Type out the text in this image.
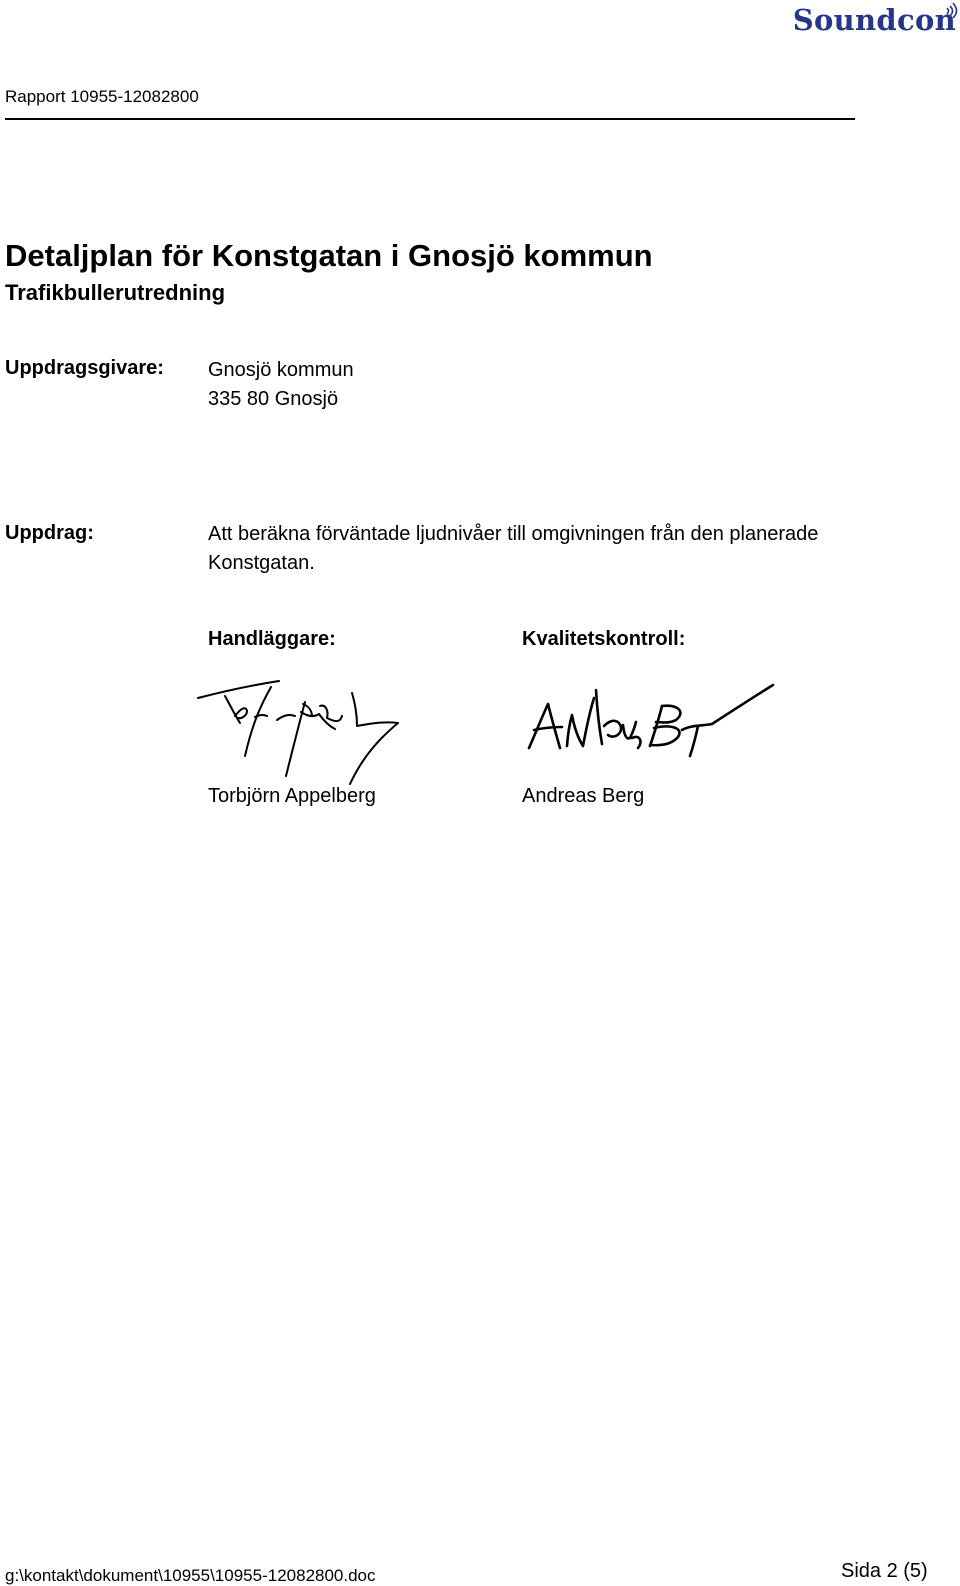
Soundcon
Rapport 10955-12082800
Detaljplan för Konstgatan i Gnosjö kommun
Trafikbullerutredning
Uppdragsgivare: Gnosjö kommun
335 80 Gnosjö
Uppdrag:	Att beräkna förväntade ljudnivåer till omgivningen från den planerade
Konstgatan.
Handläggare:	Kvalitetskontroll:
Torbjörn Appelberg	Andreas Berg
g:\kontakt\dokument\10955\10955-12082800.doc	Sida 2 (5)
